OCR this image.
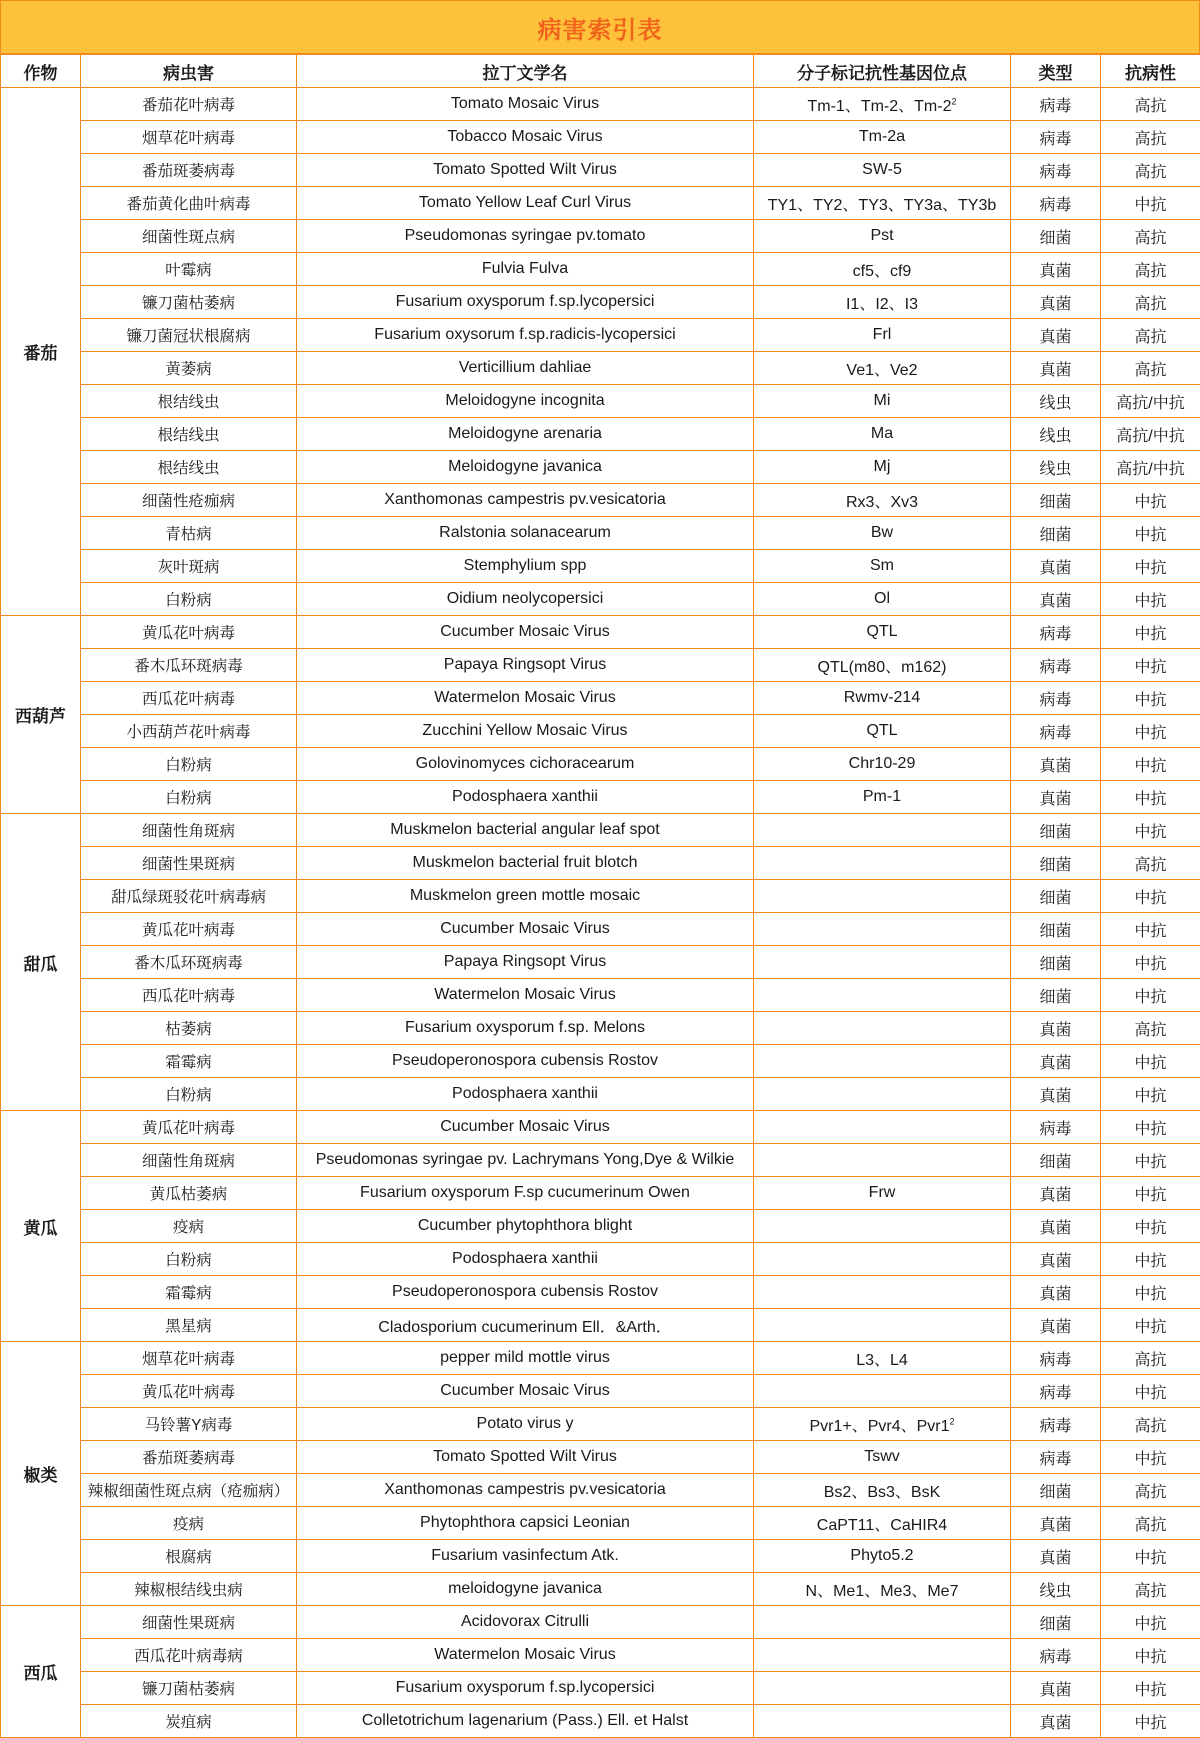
病害索引表
作物	病虫害	拉丁文学名	分子标记抗性基因位点	类型	抗病性
番茄	番茄花叶病毒	Tomato Mosaic Virus	Tm-1、Tm-2、$Tm-2^2$	病毒	高抗
	烟草花叶病毒	Tobacco Mosaic Virus	Tm-2a	病毒	高抗
	番茄斑萎病毒	Tomato Spotted Wilt Virus	SW-5	病毒	高抗
	番茄黄化曲叶病毒	Tomato Yellow Leaf Curl Virus	TY1、TY2、TY3、TY3a、TY3b	病毒	中抗
	细菌性斑点病	Pseudomonas syringae pv.tomato	Pst	细菌	高抗
	叶霉病	Fulvia Fulva	cf5、cf9	真菌	高抗
	镰刀菌枯萎病	Fusarium oxysporum f.sp.lycopersici	I1、I2、I3	真菌	高抗
	镰刀菌冠状根腐病	Fusarium oxysorum f.sp.radicis-lycopersici	Frl	真菌	高抗
	黄萎病	Verticillium dahliae	Ve1、Ve2	真菌	高抗
	根结线虫	Meloidogyne incognita	Mi	线虫	高抗/中抗
	根结线虫	Meloidogyne arenaria	Ma	线虫	高抗/中抗
	根结线虫	Meloidogyne javanica	Mj	线虫	高抗/中抗
	细菌性疮痂病	Xanthomonas campestris pv.vesicatoria	Rx3、Xv3	细菌	中抗
	青枯病	Ralstonia solanacearum	Bw	细菌	中抗
	灰叶斑病	Stemphylium spp	Sm	真菌	中抗
	白粉病	Oidium neolycopersici	Ol	真菌	中抗
西葫芦	黄瓜花叶病毒	Cucumber Mosaic Virus	QTL	病毒	中抗
	番木瓜环斑病毒	Papaya Ringsopt Virus	QTL(m80、m162)	病毒	中抗
	西瓜花叶病毒	Watermelon Mosaic Virus	Rwmv-214	病毒	中抗
	小西葫芦花叶病毒	Zucchini Yellow Mosaic Virus	QTL	病毒	中抗
	白粉病	Golovinomyces cichoracearum	Chr10-29	真菌	中抗
	白粉病	Podosphaera xanthii	Pm-1	真菌	中抗
甜瓜	细菌性角斑病	Muskmelon bacterial angular leaf spot		细菌	中抗
	细菌性果斑病	Muskmelon bacterial fruit blotch		细菌	高抗
	甜瓜绿斑驳花叶病毒病	Muskmelon green mottle mosaic		细菌	中抗
	黄瓜花叶病毒	Cucumber Mosaic Virus		细菌	中抗
	番木瓜环斑病毒	Papaya Ringsopt Virus		细菌	中抗
	西瓜花叶病毒	Watermelon Mosaic Virus		细菌	中抗
	枯萎病	Fusarium oxysporum f.sp. Melons		真菌	高抗
	霜霉病	Pseudoperonospora cubensis Rostov		真菌	中抗
	白粉病	Podosphaera xanthii		真菌	中抗
黄瓜	黄瓜花叶病毒	Cucumber Mosaic Virus		病毒	中抗
	细菌性角斑病	Pseudomonas syringae pv. Lachrymans Yong,Dye & Wilkie		细菌	中抗
	黄瓜枯萎病	Fusarium oxysporum F.sp cucumerinum Owen	Frw	真菌	中抗
	疫病	Cucumber phytophthora blight		真菌	中抗
	白粉病	Podosphaera xanthii		真菌	中抗
	霜霉病	Pseudoperonospora cubensis Rostov		真菌	中抗
	黑星病	Cladosporium cucumerinum Ell．&Arth．		真菌	中抗
椒类	烟草花叶病毒	pepper mild mottle virus	L3、L4	病毒	高抗
	黄瓜花叶病毒	Cucumber Mosaic Virus		病毒	中抗
	马铃薯Y病毒	Potato virus y	Pvr1+、Pvr4、$Pvr1^2$	病毒	高抗
	番茄斑萎病毒	Tomato Spotted Wilt Virus	Tswv	病毒	中抗
	辣椒细菌性斑点病（疮痂病）	Xanthomonas campestris pv.vesicatoria	Bs2、Bs3、BsK	细菌	高抗
	疫病	Phytophthora capsici Leonian	CaPT11、CaHIR4	真菌	高抗
	根腐病	Fusarium vasinfectum Atk.	Phyto5.2	真菌	中抗
	辣椒根结线虫病	meloidogyne javanica	N、Me1、Me3、Me7	线虫	高抗
西瓜	细菌性果斑病	Acidovorax Citrulli		细菌	中抗
	西瓜花叶病毒病	Watermelon Mosaic Virus		病毒	中抗
	镰刀菌枯萎病	Fusarium oxysporum f.sp.lycopersici		真菌	中抗
	炭疽病	Colletotrichum lagenarium (Pass.) Ell. et Halst		真菌	中抗
